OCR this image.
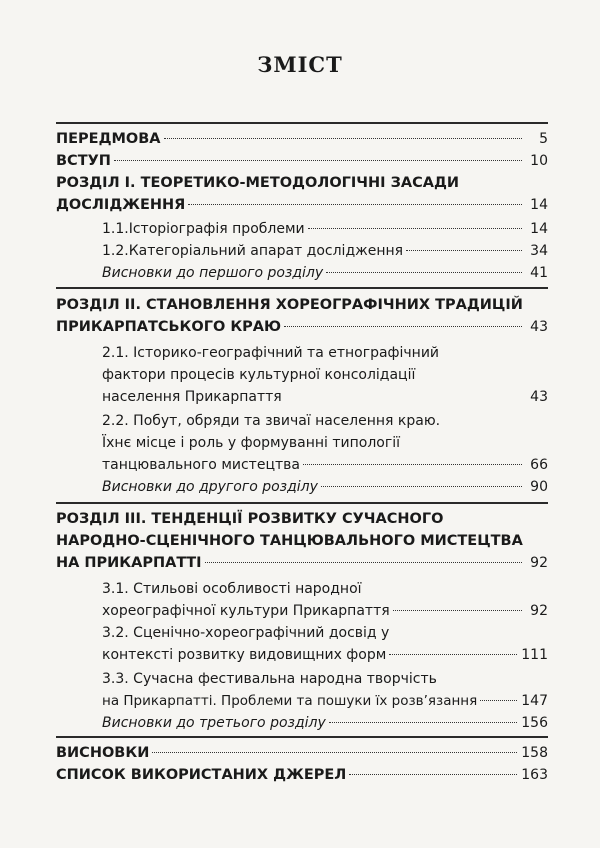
ЗМІСТ
ПЕРЕДМОВА	5
ВСТУП	10
РОЗДІЛ І. ТЕОРЕТИКО-МЕТОДОЛОГІЧНІ ЗАСАДИ
ДОСЛІДЖЕННЯ	14
1.1.Історіографія проблеми	14
1.2.Категоріальний апарат дослідження	34
Висновки до першого розділу	41
РОЗДІЛ ІІ. СТАНОВЛЕННЯ ХОРЕОГРАФІЧНИХ ТРАДИЦІЙ
ПРИКАРПАТСЬКОГО КРАЮ	43
2.1. Історико-географічний та етнографічний
фактори процесів культурної консолідації
населення Прикарпаття	43
2.2. Побут, обряди та звичаї населення краю.
Їхнє місце і роль у формуванні типології
танцювального мистецтва	66
Висновки до другого розділу	90
РОЗДІЛ ІІІ. ТЕНДЕНЦІЇ РОЗВИТКУ СУЧАСНОГО
НАРОДНО-СЦЕНІЧНОГО ТАНЦЮВАЛЬНОГО МИСТЕЦТВА
НА ПРИКАРПАТТІ	92
3.1. Стильові особливості народної
хореографічної культури Прикарпаття	92
3.2. Сценічно-хореографічний досвід у
контексті розвитку видовищних форм	111
3.3. Сучасна фестивальна народна творчість
на Прикарпатті. Проблеми та пошуки їх розв’язання	147
Висновки до третього розділу	156
ВИСНОВКИ	158
СПИСОК ВИКОРИСТАНИХ ДЖЕРЕЛ	163
